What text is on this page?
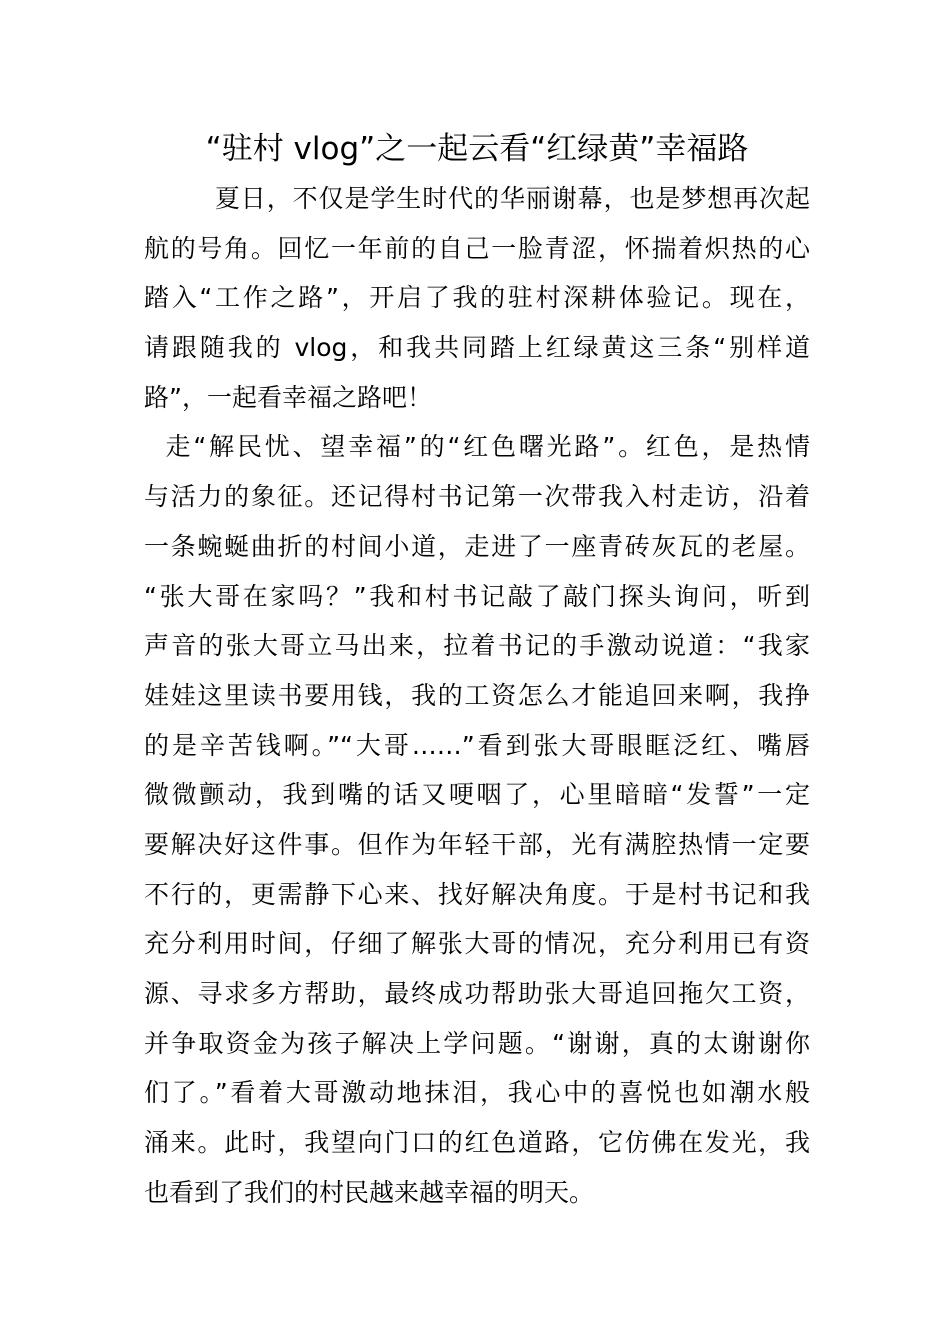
“驻村 vlog”之一起云看“红绿黄”幸福路
夏日，不仅是学生时代的华丽谢幕，也是梦想再次起
航的号角。回忆一年前的自己一脸青涩，怀揣着炽热的心
踏入“工作之路”，开启了我的驻村深耕体验记。现在，
请跟随我的 vlog，和我共同踏上红绿黄这三条“别样道
路”，一起看幸福之路吧！
走“解民忧、望幸福”的“红色曙光路”。红色，是热情
与活力的象征。还记得村书记第一次带我入村走访，沿着
一条蜿蜒曲折的村间小道，走进了一座青砖灰瓦的老屋。
“张大哥在家吗？”我和村书记敲了敲门探头询问，听到
声音的张大哥立马出来，拉着书记的手激动说道：“我家
娃娃这里读书要用钱，我的工资怎么才能追回来啊，我挣
的是辛苦钱啊。”“大哥……”看到张大哥眼眶泛红、嘴唇
微微颤动，我到嘴的话又哽咽了，心里暗暗“发誓”一定
要解决好这件事。但作为年轻干部，光有满腔热情一定要
不行的，更需静下心来、找好解决角度。于是村书记和我
充分利用时间，仔细了解张大哥的情况，充分利用已有资
源、寻求多方帮助，最终成功帮助张大哥追回拖欠工资，
并争取资金为孩子解决上学问题。“谢谢，真的太谢谢你
们了。”看着大哥激动地抹泪，我心中的喜悦也如潮水般
涌来。此时，我望向门口的红色道路，它仿佛在发光，我
也看到了我们的村民越来越幸福的明天。
